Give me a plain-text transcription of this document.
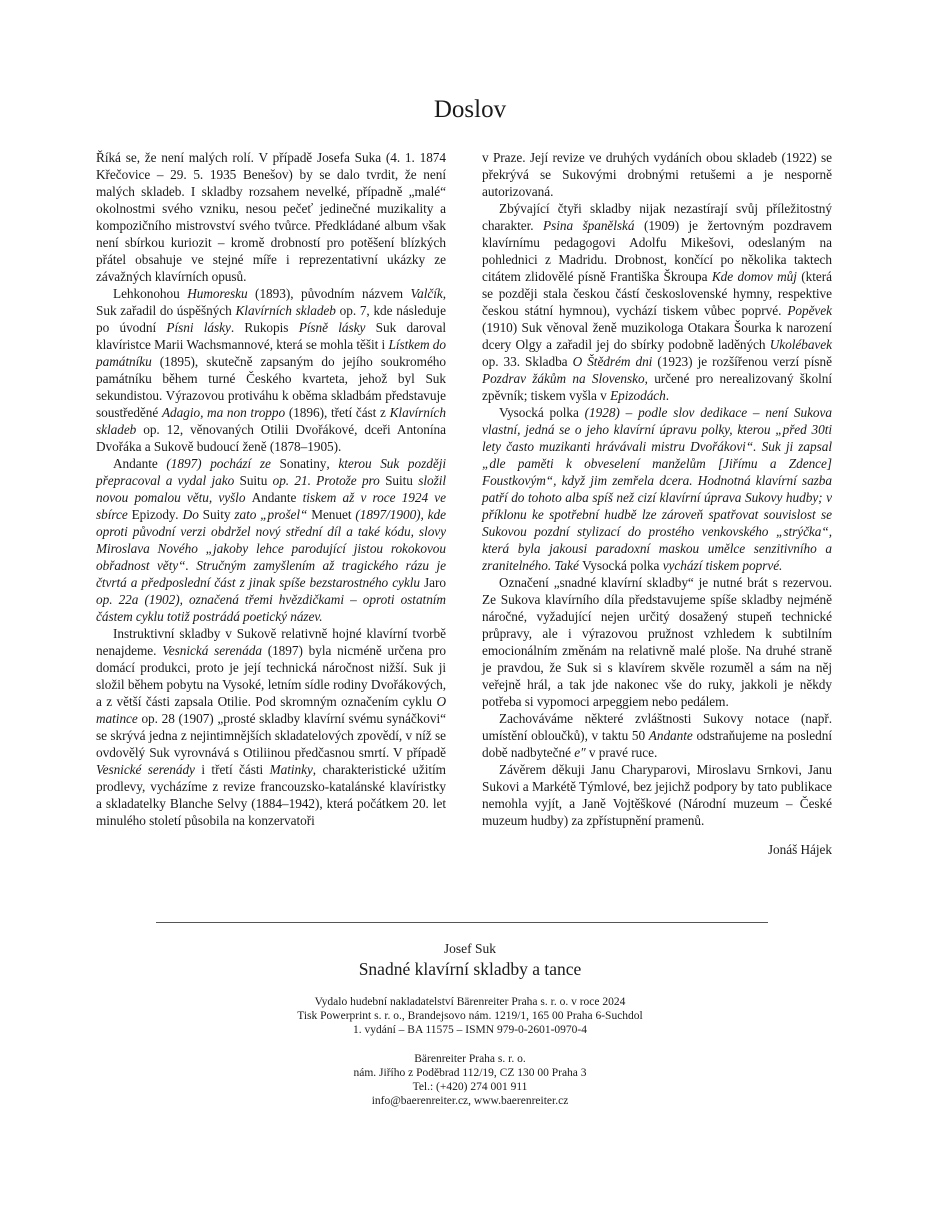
Doslov

Říká se, že není malých rolí. V případě Josefa Suka (4. 1. 1874 Křečovice – 29. 5. 1935 Benešov) by se dalo tvrdit, že není malých skladeb. I skladby rozsahem nevelké, případně „malé“ okolnostmi svého vzniku, nesou pečeť jedinečné muzikality a kompozičního mistrovství svého tvůrce. Předkládané album však není sbírkou kuriozit – kromě drobností pro potěšení blízkých přátel obsahuje ve stejné míře i reprezentativní ukázky ze závažných klavírních opusů.

Lehkonohou Humoresku (1893), původním názvem Valčík, Suk zařadil do úspěšných Klavírních skladeb op. 7, kde následuje po úvodní Písni lásky. Rukopis Písně lásky Suk daroval klavíristce Marii Wachsmannové, která se mohla těšit i Lístkem do památníku (1895), skutečně zapsaným do jejího soukromého památníku během turné Českého kvarteta, jehož byl Suk sekundistou. Výrazovou protiváhu k oběma skladbám představuje soustředěné Adagio, ma non troppo (1896), třetí část z Klavírních skladeb op. 12, věnovaných Otilii Dvořákové, dceři Antonína Dvořáka a Sukově budoucí ženě (1878–1905).

Andante (1897) pochází ze Sonatiny, kterou Suk později přepracoval a vydal jako Suitu op. 21. Protože pro Suitu složil novou pomalou větu, vyšlo Andante tiskem až v roce 1924 ve sbírce Epizody. Do Suity zato „prošel“ Menuet (1897/1900), kde oproti původní verzi obdržel nový střední díl a také kódu, slovy Miroslava Nového „jakoby lehce parodující jistou rokokovou obřadnost věty“. Stručným zamyšlením až tragického rázu je čtvrtá a předposlední část z jinak spíše bezstarostného cyklu Jaro op. 22a (1902), označená třemi hvězdičkami – oproti ostatním částem cyklu totiž postrádá poetický název.

Instruktivní skladby v Sukově relativně hojné klavírní tvorbě nenajdeme. Vesnická serenáda (1897) byla nicméně určena pro domácí produkci, proto je její technická náročnost nižší. Suk ji složil během pobytu na Vysoké, letním sídle rodiny Dvořákových, a z větší části zapsala Otilie. Pod skromným označením cyklu O matince op. 28 (1907) „prosté skladby klavírní svému synáčkovi“ se skrývá jedna z nejintimnějších skladatelových zpovědí, v níž se ovdovělý Suk vyrovnává s Otiliinou předčasnou smrtí. V případě Vesnické serenády i třetí části Matinky, charakteristické užitím prodlevy, vycházíme z revize francouzsko-katalánské klavíristky a skladatelky Blanche Selvy (1884–1942), která počátkem 20. let minulého století působila na konzervatoři

v Praze. Její revize ve druhých vydáních obou skladeb (1922) se překrývá se Sukovými drobnými retušemi a je nesporně autorizovaná.

Zbývající čtyři skladby nijak nezastírají svůj příležitostný charakter. Psina španělská (1909) je žertovným pozdravem klavírnímu pedagogovi Adolfu Mikešovi, odeslaným na pohlednici z Madridu. Drobnost, končící po několika taktech citátem zlidovělé písně Františka Škroupa Kde domov můj (která se později stala českou částí československé hymny, respektive českou státní hymnou), vychází tiskem vůbec poprvé. Popěvek (1910) Suk věnoval ženě muzikologa Otakara Šourka k narození dcery Olgy a zařadil jej do sbírky podobně laděných Ukolébavek op. 33. Skladba O Štědrém dni (1923) je rozšířenou verzí písně Pozdrav žákům na Slovensko, určené pro nerealizovaný školní zpěvník; tiskem vyšla v Epizodách.

Vysocká polka (1928) – podle slov dedikace – není Sukova vlastní, jedná se o jeho klavírní úpravu polky, kterou „před 30ti lety často muzikanti hrávávali mistru Dvořákovi“. Suk ji zapsal „dle paměti k obveselení manželům [Jiřímu a Zdence] Foustkovým“, když jim zemřela dcera. Hodnotná klavírní sazba patří do tohoto alba spíš než cizí klavírní úprava Sukovy hudby; v příklonu ke spotřební hudbě lze zároveň spatřovat souvislost se Sukovou pozdní stylizací do prostého venkovského „strýčka“, která byla jakousi paradoxní maskou umělce senzitivního a zranitelného. Také Vysocká polka vychází tiskem poprvé.

Označení „snadné klavírní skladby“ je nutné brát s rezervou. Ze Sukova klavírního díla představujeme spíše skladby nejméně náročné, vyžadující nejen určitý dosažený stupeň technické průpravy, ale i výrazovou pružnost vzhledem k subtilním emocionálním změnám na relativně malé ploše. Na druhé straně je pravdou, že Suk si s klavírem skvěle rozuměl a sám na něj veřejně hrál, a tak jde nakonec vše do ruky, jakkoli je někdy potřeba si vypomoci arpeggiem nebo pedálem.

Zachováváme některé zvláštnosti Sukovy notace (např. umístění obloučků), v taktu 50 Andante odstraňujeme na poslední době nadbytečné e″ v pravé ruce.

Závěrem děkuji Janu Charyparovi, Miroslavu Srnkovi, Janu Sukovi a Markétě Týmlové, bez jejichž podpory by tato publikace nemohla vyjít, a Janě Vojtěškové (Národní muzeum – České muzeum hudby) za zpřístupnění pramenů.

Jonáš Hájek

Josef Suk
Snadné klavírní skladby a tance
Vydalo hudební nakladatelství Bärenreiter Praha s. r. o. v roce 2024
Tisk Powerprint s. r. o., Brandejsovo nám. 1219/1, 165 00 Praha 6-Suchdol
1. vydání – BA 11575 – ISMN 979-0-2601-0970-4
Bärenreiter Praha s. r. o.
nám. Jiřího z Poděbrad 112/19, CZ 130 00 Praha 3
Tel.: (+420) 274 001 911
info@baerenreiter.cz, www.baerenreiter.cz
